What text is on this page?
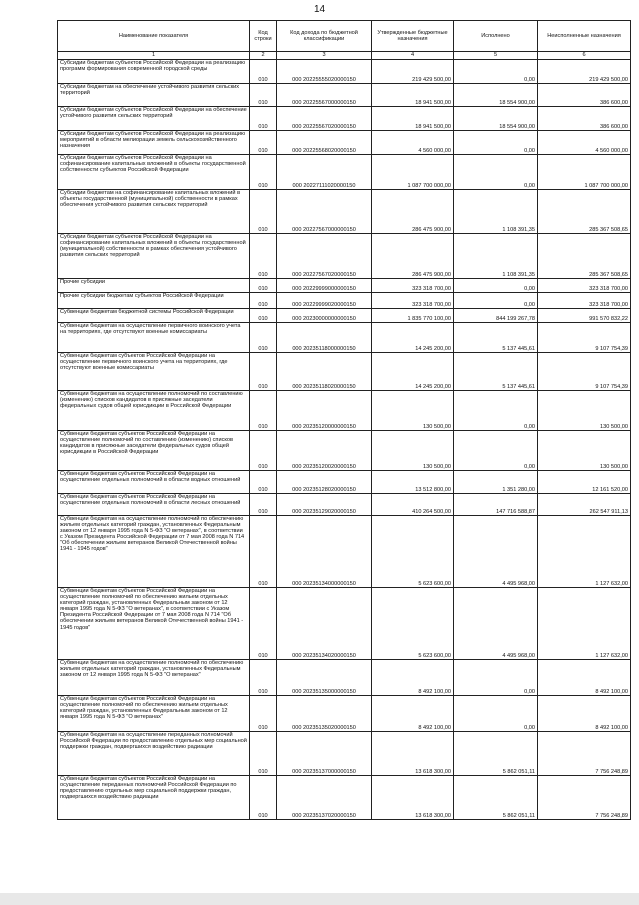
14
Наименование показателя	Код строки	Код дохода по бюджетной классификации	Утвержденные бюджетные назначения	Исполнено	Неисполненные назначения
1	2	3	4	5	6
Субсидии бюджетам субъектов Российской Федерации на реализацию программ формирования современной городской среды	010	000 20225555020000150	219 429 500,00	0,00	219 429 500,00
Субсидии бюджетам на обеспечение устойчивого развития сельских территорий	010	000 20225567000000150	18 941 500,00	18 554 900,00	386 600,00
Субсидии бюджетам субъектов Российской Федерации на обеспечение устойчивого развития сельских территорий	010	000 20225567020000150	18 941 500,00	18 554 900,00	386 600,00
Субсидии бюджетам субъектов Российской Федерации на реализацию мероприятий в области мелиорации земель сельскохозяйственного назначения	010	000 20225568020000150	4 560 000,00	0,00	4 560 000,00
Субсидии бюджетам субъектов Российской Федерации на софинансирование капитальных вложений в объекты государственной собственности субъектов Российской Федерации	010	000 20227111020000150	1 087 700 000,00	0,00	1 087 700 000,00
Субсидии бюджетам на софинансирование капитальных вложений в объекты государственной (муниципальной) собственности в рамках обеспечения устойчивого развития сельских территорий	010	000 20227567000000150	286 475 900,00	1 108 391,35	285 367 508,65
Субсидии бюджетам субъектов Российской Федерации на софинансирование капитальных вложений в объекты государственной (муниципальной) собственности в рамках обеспечения устойчивого развития сельских территорий	010	000 20227567020000150	286 475 900,00	1 108 391,35	285 367 508,65
Прочие субсидии	010	000 20229999000000150	323 318 700,00	0,00	323 318 700,00
Прочие субсидии бюджетам субъектов Российской Федерации	010	000 20229999020000150	323 318 700,00	0,00	323 318 700,00
Субвенции бюджетам бюджетной системы Российской Федерации	010	000 20230000000000150	1 835 770 100,00	844 199 267,78	991 570 832,22
Субвенции бюджетам на осуществление первичного воинского учета на территориях, где отсутствуют военные комиссариаты	010	000 20235118000000150	14 245 200,00	5 137 445,61	9 107 754,39
Субвенции бюджетам субъектов Российской Федерации на осуществление первичного воинского учета на территориях, где отсутствуют военные комиссариаты	010	000 20235118020000150	14 245 200,00	5 137 445,61	9 107 754,39
Субвенции бюджетам на осуществление полномочий по составлению (изменению) списков кандидатов в присяжные заседатели федеральных судов общей юрисдикции в Российской Федерации	010	000 20235120000000150	130 500,00	0,00	130 500,00
Субвенции бюджетам субъектов Российской Федерации на осуществление полномочий по составлению (изменению) списков кандидатов в присяжные заседатели федеральных судов общей юрисдикции в Российской Федерации	010	000 20235120020000150	130 500,00	0,00	130 500,00
Субвенции бюджетам субъектов Российской Федерации на осуществление отдельных полномочий в области водных отношений	010	000 20235128020000150	13 512 800,00	1 351 280,00	12 161 520,00
Субвенции бюджетам субъектов Российской Федерации на осуществление отдельных полномочий в области лесных отношений	010	000 20235129020000150	410 264 500,00	147 716 588,87	262 547 911,13
Субвенции бюджетам на осуществление полномочий по обеспечению жильем отдельных категорий граждан, установленных Федеральным законом от 12 января 1995 года N 5-ФЗ "О ветеранах", в соответствии с Указом Президента Российской Федерации от 7 мая 2008 года N 714 "Об обеспечении жильем ветеранов Великой Отечественной войны 1941 - 1945 годов"	010	000 20235134000000150	5 623 600,00	4 495 968,00	1 127 632,00
Субвенции бюджетам субъектов Российской Федерации на осуществление полномочий по обеспечению жильем отдельных категорий граждан, установленных Федеральным законом от 12 января 1995 года N 5-ФЗ "О ветеранах", в соответствии с Указом Президента Российской Федерации от 7 мая 2008 года N 714 "Об обеспечении жильем ветеранов Великой Отечественной войны 1941 - 1945 годов"	010	000 20235134020000150	5 623 600,00	4 495 968,00	1 127 632,00
Субвенции бюджетам на осуществление полномочий по обеспечению жильем отдельных категорий граждан, установленных Федеральным законом от 12 января 1995 года N 5-ФЗ "О ветеранах"	010	000 20235135000000150	8 492 100,00	0,00	8 492 100,00
Субвенции бюджетам субъектов Российской Федерации на осуществление полномочий по обеспечению жильем отдельных категорий граждан, установленных Федеральным законом от 12 января 1995 года N 5-ФЗ "О ветеранах"	010	000 20235135020000150	8 492 100,00	0,00	8 492 100,00
Субвенции бюджетам на осуществление переданных полномочий Российской Федерации по предоставлению отдельных мер социальной поддержки граждан, подвергшихся воздействию радиации	010	000 20235137000000150	13 618 300,00	5 862 051,11	7 756 248,89
Субвенции бюджетам субъектов Российской Федерации на осуществление переданных полномочий Российской Федерации по предоставлению отдельных мер социальной поддержки граждан, подвергшихся воздействию радиации	010	000 20235137020000150	13 618 300,00	5 862 051,11	7 756 248,89
